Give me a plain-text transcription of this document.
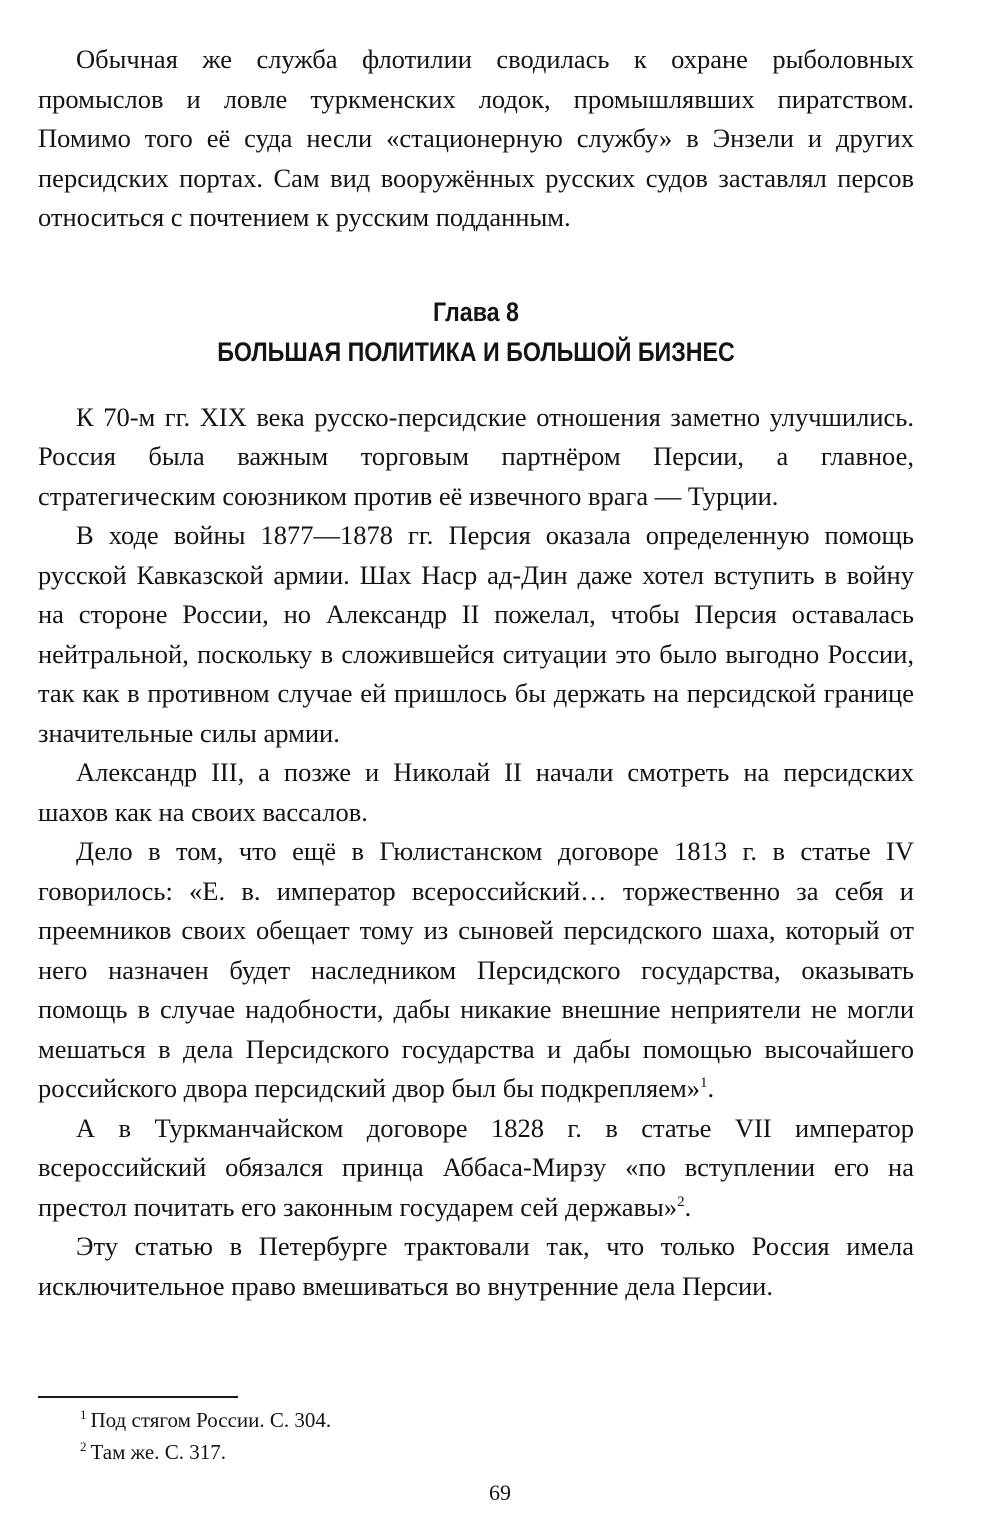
Обычная же служба флотилии сводилась к охране рыболовных промыслов и ловле туркменских лодок, промышлявших пиратством. Помимо того её суда несли «стационерную службу» в Энзели и других персидских портах. Сам вид вооружённых русских судов заставлял персов относиться с почтением к русским подданным.

Глава 8

БОЛЬШАЯ ПОЛИТИКА И БОЛЬШОЙ БИЗНЕС

К 70-м гг. XIX века русско-персидские отношения заметно улучшились. Россия была важным торговым партнёром Персии, а главное, стратегическим союзником против её извечного врага — Турции.

В ходе войны 1877—1878 гг. Персия оказала определенную помощь русской Кавказской армии. Шах Наср ад-Дин даже хотел вступить в войну на стороне России, но Александр II пожелал, чтобы Персия оставалась нейтральной, поскольку в сложившейся ситуации это было выгодно России, так как в противном случае ей пришлось бы держать на персидской границе значительные силы армии.

Александр III, а позже и Николай II начали смотреть на персидских шахов как на своих вассалов.

Дело в том, что ещё в Гюлистанском договоре 1813 г. в статье IV говорилось: «Е. в. император всероссийский… торжественно за себя и преемников своих обещает тому из сыновей персидского шаха, который от него назначен будет наследником Персидского государства, оказывать помощь в случае надобности, дабы никакие внешние неприятели не могли мешаться в дела Персидского государства и дабы помощью высочайшего российского двора персидский двор был бы подкрепляем»$^1$.

А в Туркманчайском договоре 1828 г. в статье VII император всероссийский обязался принца Аббаса-Мирзу «по вступлении его на престол почитать его законным государем сей державы»$^2$.

Эту статью в Петербурге трактовали так, что только Россия имела исключительное право вмешиваться во внутренние дела Персии.

$^1$ Под стягом России. С. 304.

$^2$ Там же. С. 317.

69
